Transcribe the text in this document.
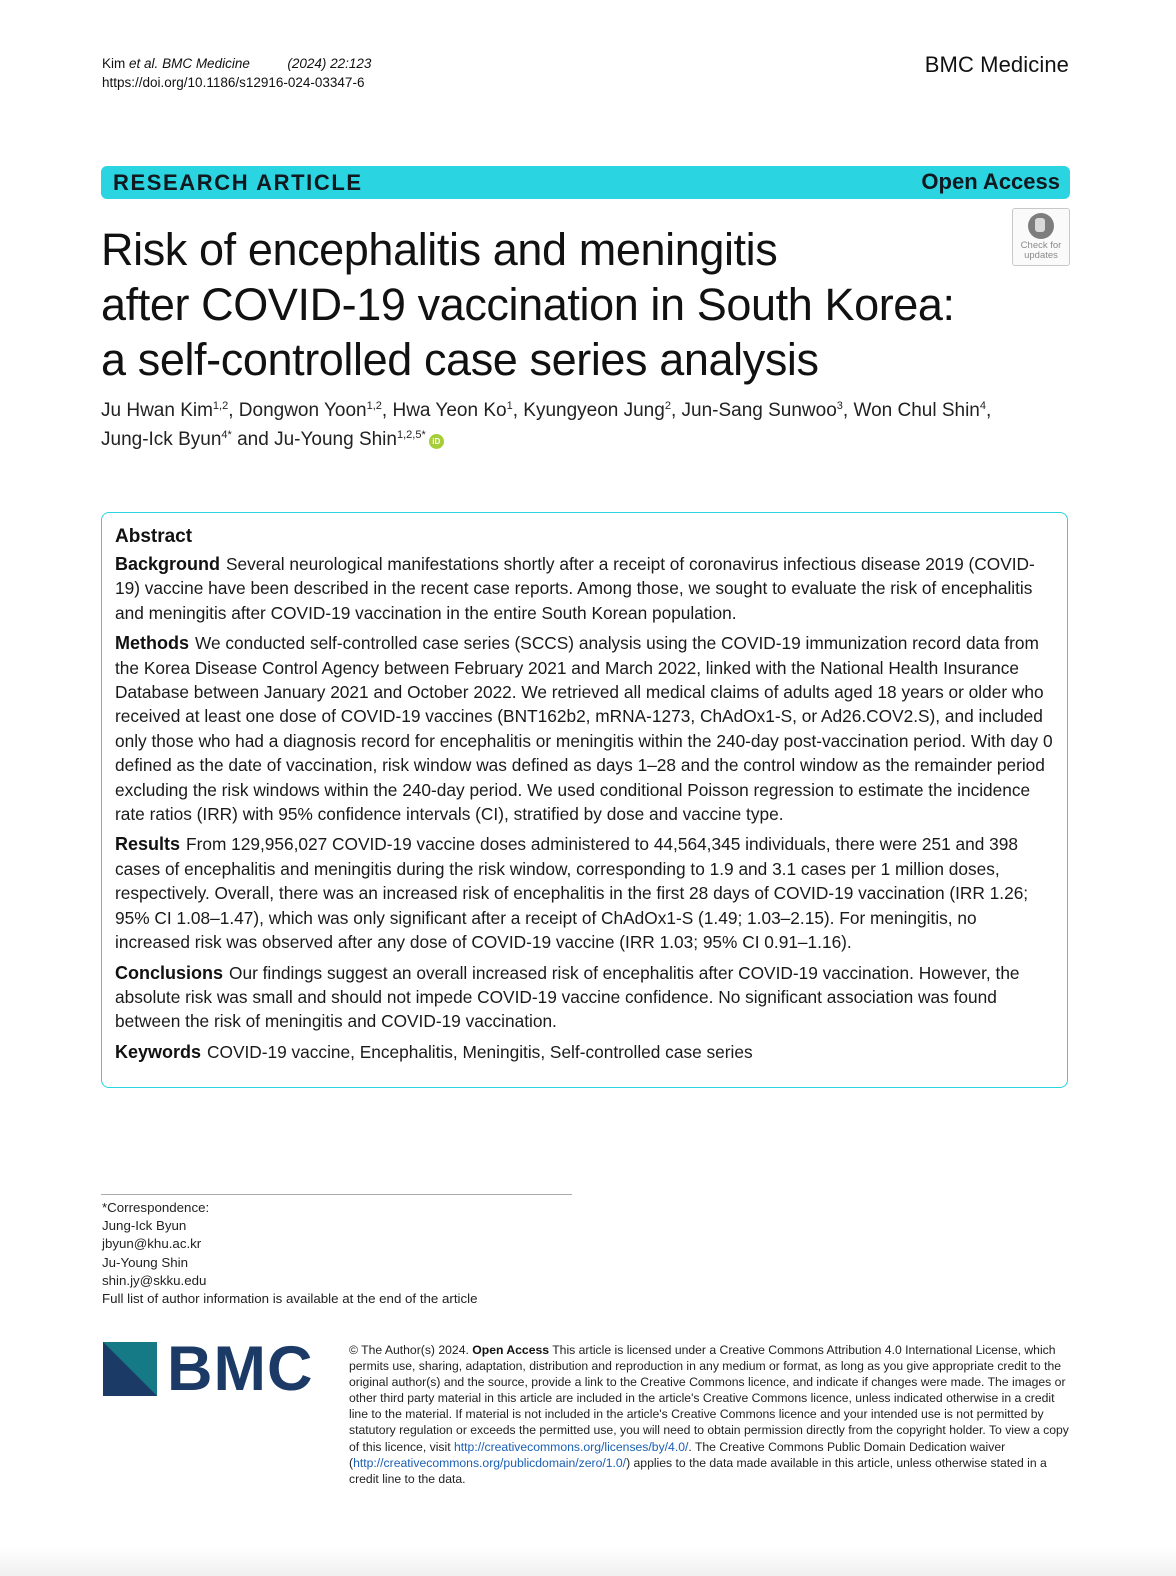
Kim et al. BMC Medicine	(2024) 22:123
https://doi.org/10.1186/s12916-024-03347-6
BMC Medicine
RESEARCH ARTICLE	Open Access
Check for
updates
Risk of encephalitis and meningitis
after COVID-19 vaccination in South Korea:
a self-controlled case series analysis
Ju Hwan Kim$^{1,2}$, Dongwon Yoon$^{1,2}$, Hwa Yeon Ko$^1$, Kyungyeon Jung$^2$, Jun-Sang Sunwoo$^3$, Won Chul Shin$^4$,
Jung-Ick Byun$^{4*}$ and Ju-Young Shin$^{1,2,5*}$iD
Abstract

Background Several neurological manifestations shortly after a receipt of coronavirus infectious disease 2019 (COVID-19) vaccine have been described in the recent case reports. Among those, we sought to evaluate the risk of encephalitis and meningitis after COVID-19 vaccination in the entire South Korean population.

Methods We conducted self-controlled case series (SCCS) analysis using the COVID-19 immunization record data from the Korea Disease Control Agency between February 2021 and March 2022, linked with the National Health Insurance Database between January 2021 and October 2022. We retrieved all medical claims of adults aged 18 years or older who received at least one dose of COVID-19 vaccines (BNT162b2, mRNA-1273, ChAdOx1-S, or Ad26.COV2.S), and included only those who had a diagnosis record for encephalitis or meningitis within the 240-day post-vaccination period. With day 0 defined as the date of vaccination, risk window was defined as days 1–28 and the control window as the remainder period excluding the risk windows within the 240-day period. We used conditional Poisson regression to estimate the incidence rate ratios (IRR) with 95% confidence intervals (CI), stratified by dose and vaccine type.

Results From 129,956,027 COVID-19 vaccine doses administered to 44,564,345 individuals, there were 251 and 398 cases of encephalitis and meningitis during the risk window, corresponding to 1.9 and 3.1 cases per 1 million doses, respectively. Overall, there was an increased risk of encephalitis in the first 28 days of COVID-19 vaccination (IRR 1.26; 95% CI 1.08–1.47), which was only significant after a receipt of ChAdOx1-S (1.49; 1.03–2.15). For meningitis, no increased risk was observed after any dose of COVID-19 vaccine (IRR 1.03; 95% CI 0.91–1.16).

Conclusions Our findings suggest an overall increased risk of encephalitis after COVID-19 vaccination. However, the absolute risk was small and should not impede COVID-19 vaccine confidence. No significant association was found between the risk of meningitis and COVID-19 vaccination.

Keywords COVID-19 vaccine, Encephalitis, Meningitis, Self-controlled case series

*Correspondence:
Jung-Ick Byun
jbyun@khu.ac.kr
Ju-Young Shin
shin.jy@skku.edu
Full list of author information is available at the end of the article
BMC	© The Author(s) 2024. Open Access This article is licensed under a Creative Commons Attribution 4.0 International License, which permits use, sharing, adaptation, distribution and reproduction in any medium or format, as long as you give appropriate credit to the original author(s) and the source, provide a link to the Creative Commons licence, and indicate if changes were made. The images or other third party material in this article are included in the article's Creative Commons licence, unless indicated otherwise in a credit line to the material. If material is not included in the article's Creative Commons licence and your intended use is not permitted by statutory regulation or exceeds the permitted use, you will need to obtain permission directly from the copyright holder. To view a copy of this licence, visit http://creativecommons.org/licenses/by/4.0/. The Creative Commons Public Domain Dedication waiver (http://creativecommons.org/publicdomain/zero/1.0/) applies to the data made available in this article, unless otherwise stated in a credit line to the data.
